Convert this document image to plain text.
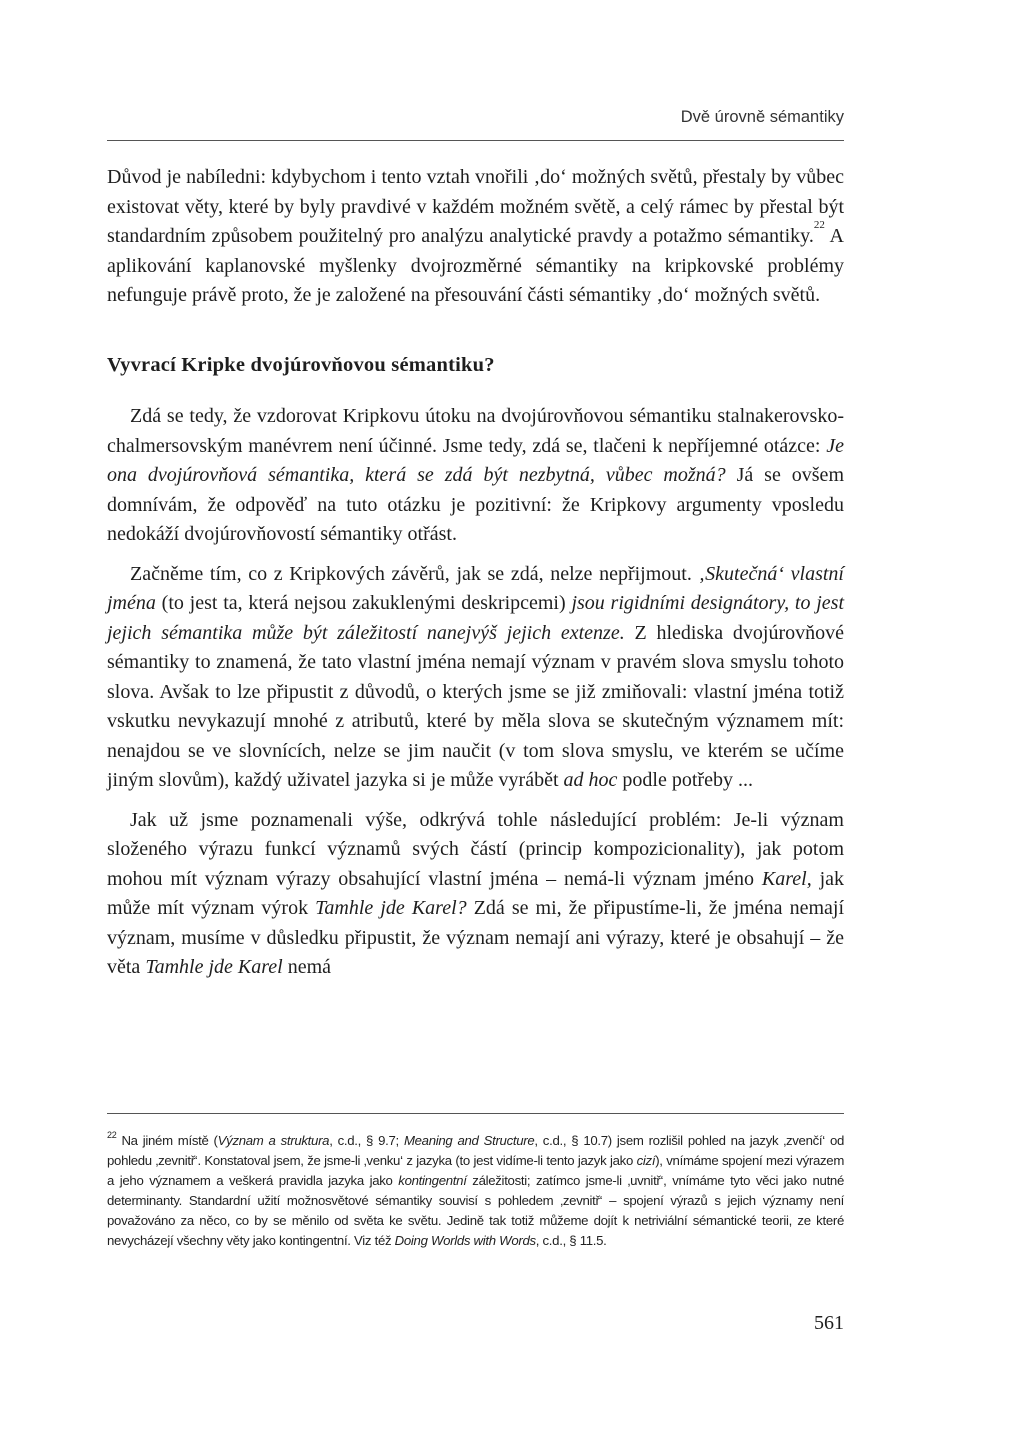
Dvě úrovně sémantiky

Důvod je nabíledni: kdybychom i tento vztah vnořili ‚do‘ možných světů, přestaly by vůbec existovat věty, které by byly pravdivé v každém možném světě, a celý rámec by přestal být standardním způsobem použitelný pro analýzu analytické pravdy a potažmo sémantiky.$^{22}$ A aplikování kaplanovské myšlenky dvojrozměrné sémantiky na kripkovské problémy nefunguje právě proto, že je založené na přesouvání části sémantiky ‚do‘ možných světů.

Vyvrací Kripke dvojúrovňovou sémantiku?

Zdá se tedy, že vzdorovat Kripkovu útoku na dvojúrovňovou sémantiku stalnakerovsko-chalmersovským manévrem není účinné. Jsme tedy, zdá se, tlačeni k nepříjemné otázce: Je ona dvojúrovňová sémantika, která se zdá být nezbytná, vůbec možná? Já se ovšem domnívám, že odpověď na tuto otázku je pozitivní: že Kripkovy argumenty vposledu nedokáží dvojúrovňovostí sémantiky otřást.

Začněme tím, co z Kripkových závěrů, jak se zdá, nelze nepřijmout. ‚Skutečná‘ vlastní jména (to jest ta, která nejsou zakuklenými deskripcemi) jsou rigidními designátory, to jest jejich sémantika může být záležitostí nanejvýš jejich extenze. Z hlediska dvojúrovňové sémantiky to znamená, že tato vlastní jména nemají význam v pravém slova smyslu tohoto slova. Avšak to lze připustit z důvodů, o kterých jsme se již zmiňovali: vlastní jména totiž vskutku nevykazují mnohé z atributů, které by měla slova se skutečným významem mít: nenajdou se ve slovnících, nelze se jim naučit (v tom slova smyslu, ve kterém se učíme jiným slovům), každý uživatel jazyka si je může vyrábět ad hoc podle potřeby ...

Jak už jsme poznamenali výše, odkrývá tohle následující problém: Je-li význam složeného výrazu funkcí významů svých částí (princip kompozicionality), jak potom mohou mít význam výrazy obsahující vlastní jména – nemá-li význam jméno Karel, jak může mít význam výrok Tamhle jde Karel? Zdá se mi, že připustíme-li, že jména nemají význam, musíme v důsledku připustit, že význam nemají ani výrazy, které je obsahují – že věta Tamhle jde Karel nemá

$^{22}$ Na jiném místě (Význam a struktura, c.d., § 9.7; Meaning and Structure, c.d., § 10.7) jsem rozlišil pohled na jazyk ‚zvenčí‘ od pohledu ‚zevnitř‘. Konstatoval jsem, že jsme-li ‚venku‘ z jazyka (to jest vidíme-li tento jazyk jako cizí), vnímáme spojení mezi výrazem a jeho významem a veškerá pravidla jazyka jako kontingentní záležitosti; zatímco jsme-li ‚uvnitř‘, vnímáme tyto věci jako nutné determinanty. Standardní užití možnosvětové sémantiky souvisí s pohledem ‚zevnitř‘ – spojení výrazů s jejich významy není považováno za něco, co by se měnilo od světa ke světu. Jedině tak totiž můžeme dojít k netriviální sémantické teorii, ze které nevycházejí všechny věty jako kontingentní. Viz též Doing Worlds with Words, c.d., § 11.5.
561
